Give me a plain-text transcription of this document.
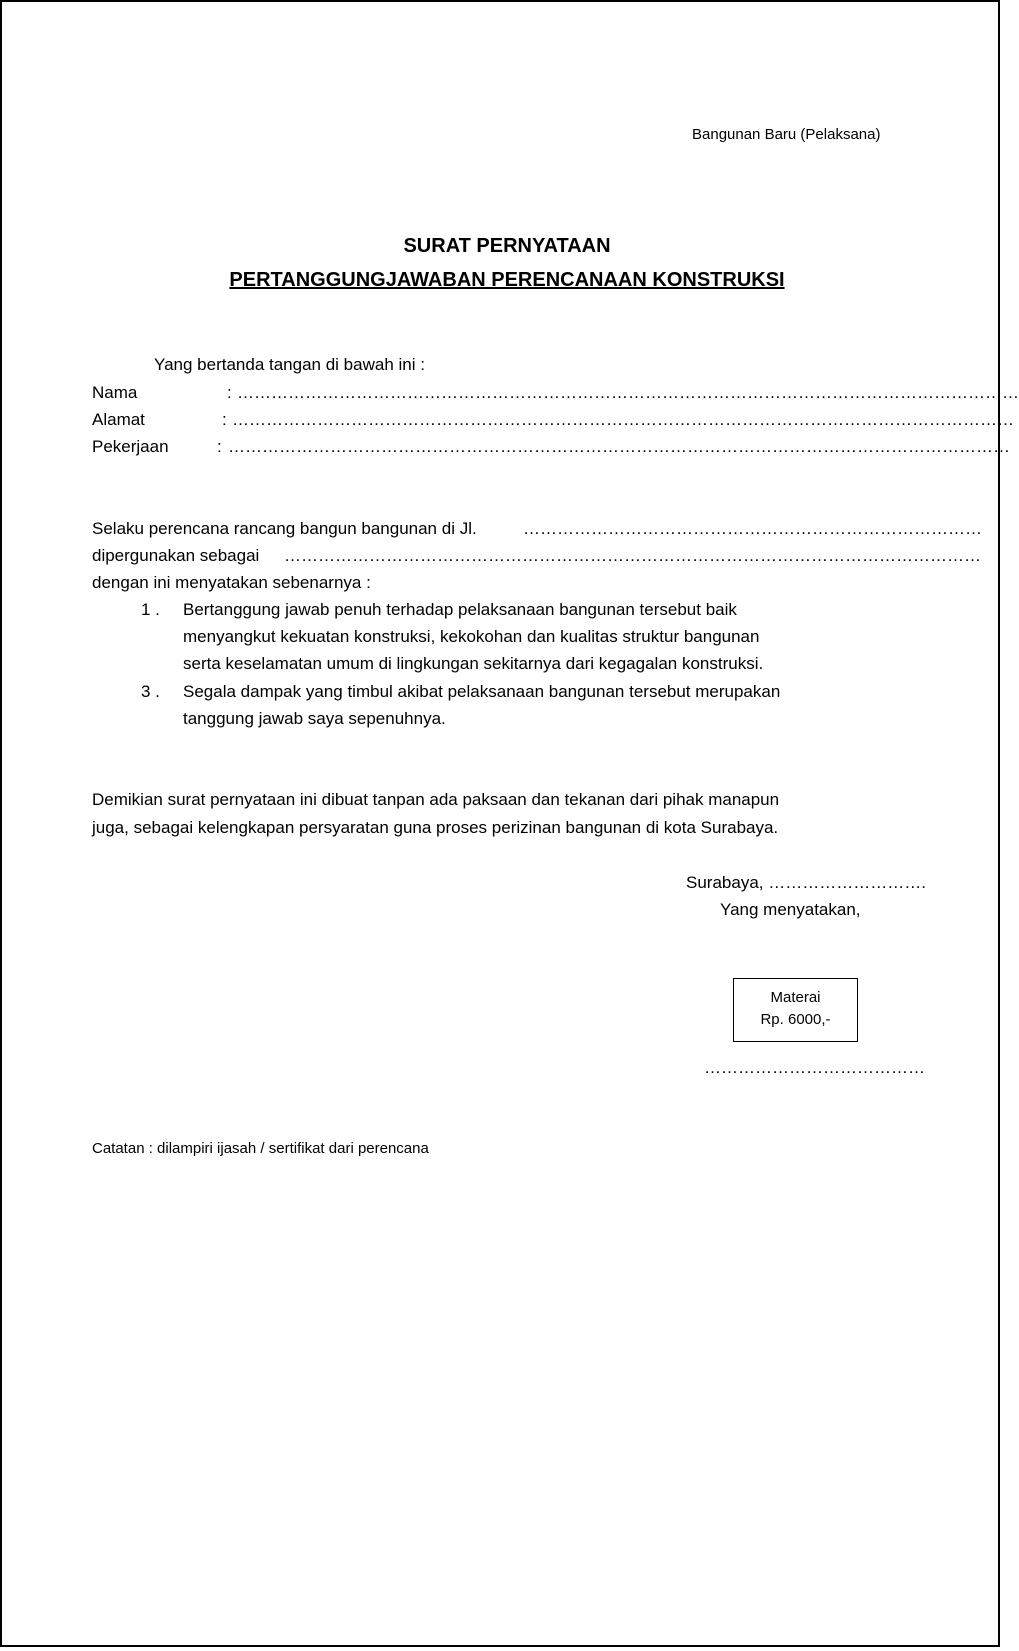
Bangunan Baru (Pelaksana)
SURAT PERNYATAAN
PERTANGGUNGJAWABAN PERENCANAAN KONSTRUKSI
Yang bertanda tangan di bawah ini :
Nama	: …………………………………………………………………………………………………………………………
Alamat	: …………………………………………………………………………………………………………………………
Pekerjaan	: …………………………………………………………………………………………………………………………
Selaku perencana rancang bangun bangunan di Jl.	………………………………………………………………………
dipergunakan sebagai ……………………………………………………………………………………………………………
dengan ini menyatakan sebenarnya :
1 . Bertanggung jawab penuh terhadap pelaksanaan bangunan tersebut baik
menyangkut kekuatan konstruksi, kekokohan dan kualitas struktur bangunan
serta keselamatan umum di lingkungan sekitarnya dari kegagalan konstruksi.
3 . Segala dampak yang timbul akibat pelaksanaan bangunan tersebut merupakan
tanggung jawab saya sepenuhnya.
Demikian surat pernyataan ini dibuat tanpan ada paksaan dan tekanan dari pihak manapun
juga, sebagai kelengkapan persyaratan guna proses perizinan bangunan di kota Surabaya.
Surabaya, ……………………….
Yang menyatakan,
Materai
Rp. 6000,-
…………………………………
Catatan : dilampiri ijasah / sertifikat dari perencana
